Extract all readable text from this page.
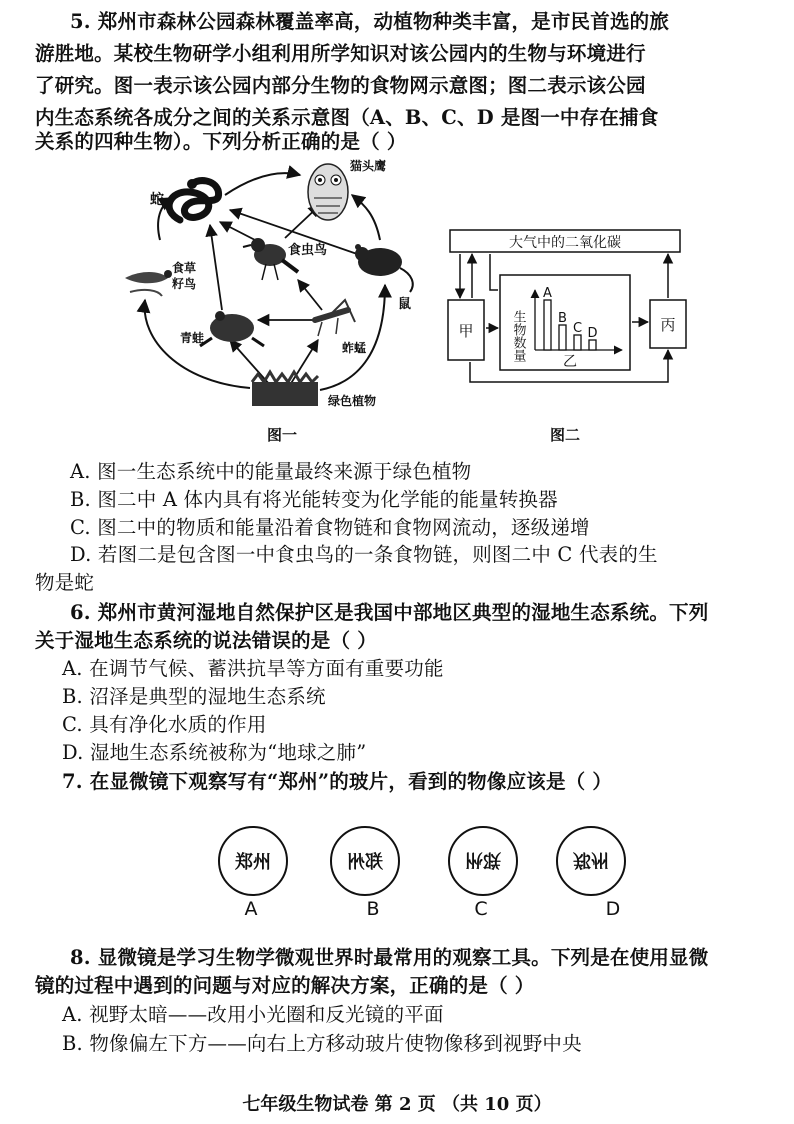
5. 郑州市森林公园森林覆盖率高，动植物种类丰富，是市民首选的旅
游胜地。某校生物研学小组利用所学知识对该公园内的生物与环境进行
了研究。图一表示该公园内部分生物的食物网示意图；图二表示该公园
内生态系统各成分之间的关系示意图（A、B、C、D 是图一中存在捕食
关系的四种生物）。下列分析正确的是（ ）
蛇
猫头鹰
食虫鸟
鼠
食草
籽鸟
青蛙
蚱蜢
绿色植物
图一
大气中的二氧化碳
甲	丙
生物数量
A
B
C D
乙
图二
A. 图一生态系统中的能量最终来源于绿色植物
B. 图二中 A 体内具有将光能转变为化学能的能量转换器
C. 图二中的物质和能量沿着食物链和食物网流动，逐级递增
D. 若图二是包含图一中食虫鸟的一条食物链，则图二中 C 代表的生
物是蛇
6. 郑州市黄河湿地自然保护区是我国中部地区典型的湿地生态系统。下列
关于湿地生态系统的说法错误的是（ ）
A. 在调节气候、蓄洪抗旱等方面有重要功能
B. 沼泽是典型的湿地生态系统
C. 具有净化水质的作用
D. 湿地生态系统被称为“地球之肺”
7. 在显微镜下观察写有“郑州”的玻片，看到的物像应该是（ ）
郑州
A
郑州
B
郑州
C
郑州
D
8. 显微镜是学习生物学微观世界时最常用的观察工具。下列是在使用显微
镜的过程中遇到的问题与对应的解决方案，正确的是（ ）
A. 视野太暗——改用小光圈和反光镜的平面
B. 物像偏左下方——向右上方移动玻片使物像移到视野中央
七年级生物试卷 第 2 页 （共 10 页）
